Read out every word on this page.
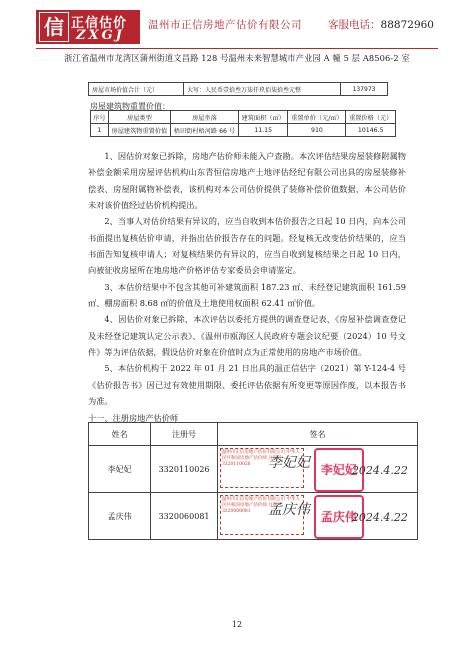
信 正信估价
ZXGJ
温州市正信房地产估价有限公司 客服电话：88872960
浙江省温州市龙湾区蒲州街道文昌路 128 号温州未来智慧城市产业园 A 幢 5 层 A8506-2 室
房屋市场价值合计（元）	大写：人民币壹拾叁万柒仟玖佰柒拾叁元整	137973
房屋建筑物重置价值：
序号	房屋类型	房屋坐落	建筑面积（㎡）	重置单价（元/㎡）	重置价格（元）
1	房屋建筑物重置价值	梧田街村梧河路 66 号	11.15	910	10146.5

1、因估价对象已拆除，房地产估价师未能入户查勘。本次评估结果房屋装修附属物补偿金额采用房屋评估机构山东青恒信房地产土地评估经纪有限公司出具的房屋装修补偿表、房屋附属物补偿表，该机构对本公司估价提供了装修补偿价值数据，本公司估价未对该价值经过估价机构提出。

2、当事人对估价结果有异议的，应当自收到本估价报告之日起 10 日内，向本公司书面提出复核估价申请，并指出估价报告存在的问题。经复核无改变估价结果的，应当书面告知复核申请人；对复核结果仍有异议的，应当自收到复核结果之日起 10 日内，向被征收房屋所在地房地产价格评估专家委员会申请鉴定。

3、本估价结果中不包含其他可补建筑面积 187.23 ㎡、未经登记建筑面积 161.59 ㎡、棚房面积 8.68 ㎡的价值及土地使用权面积 62.41 ㎡价值。

4、因估价对象已拆除，本次评估以委托方提供的调查登记表、《房屋补偿调查登记及未经登记建筑认定公示表》、《温州市瓯海区人民政府专题会议纪要（2024）10 号文件》等为评估依据，假设估价对象在价值时点为正常使用的房地产市场价值。

5、本估价机构于 2022 年 01 月 21 日出具的温正信估字（2021）第 Y-124-4 号《估价报告书》因已过有效使用期限、委托评估依据有所变更等原因作废，以本报告书为准。

十一、注册房地产估价师

姓名	注册号	签名
李妃妃	3320110026	温州市正信房地产估价有限公司 中华人民共和国房地产估价师 注册号 3320110026 李妃妃 李妃妃
2024.4.22

孟庆伟	3320060081	温州市正信房地产估价有限公司 中华人民共和国房地产估价师 注册号 3320060081 孟庆伟 孟庆伟
2024.4.22
12
